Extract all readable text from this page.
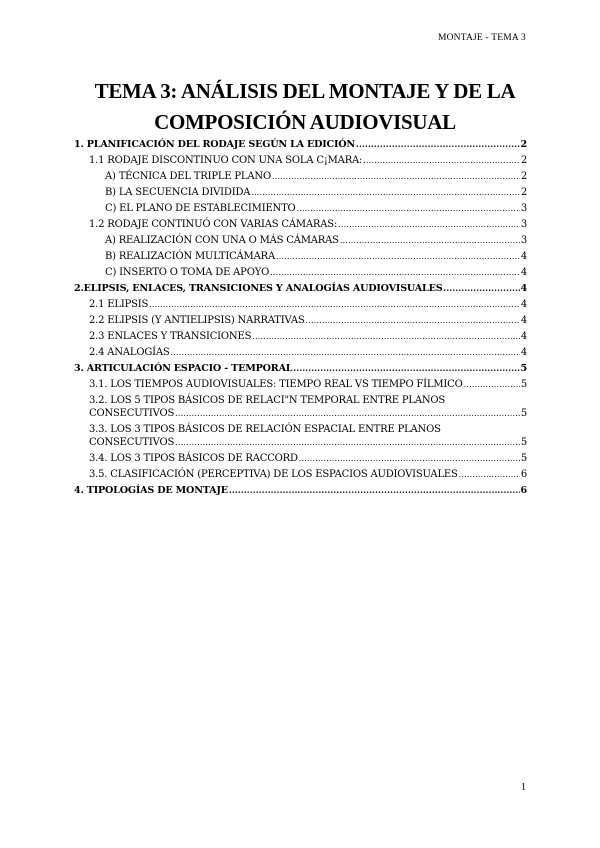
MONTAJE - TEMA 3
TEMA 3: ANÁLISIS DEL MONTAJE Y DE LA
COMPOSICIÓN AUDIOVISUAL
1. PLANIFICACIÓN DEL RODAJE SEGÚN LA EDICIÓN .....	2
1.1 RODAJE DISCONTINUO CON UNA SOLA C¡MARA: .....	2
A) TÉCNICA DEL TRIPLE PLANO .....	2
B) LA SECUENCIA DIVIDIDA .....	2
C) EL PLANO DE ESTABLECIMIENTO .....	3
1.2 RODAJE CONTINUÓ CON VARIAS CÁMARAS: .....	3
A) REALIZACIÓN CON UNA O MÁS CÁMARAS .....	3
B) REALIZACIÓN MULTICÁMARA .....	4
C) INSERTO O TOMA DE APOYO .....	4
2.ELIPSIS, ENLACES, TRANSICIONES Y ANALOGÍAS AUDIOVISUALES .....	4
2.1 ELIPSIS .....	4
2.2 ELIPSIS (Y ANTIELIPSIS) NARRATIVAS .....	4
2.3 ENLACES Y TRANSICIONES .....	4
2.4 ANALOGÍAS .....	4
3. ARTICULACIÓN ESPACIO - TEMPORAL .....	5
3.1. LOS TIEMPOS AUDIOVISUALES: TIEMPO REAL VS TIEMPO FÍLMICO .....	5
3.2. LOS 5 TIPOS BÁSICOS DE RELACI"N TEMPORAL ENTRE PLANOS
CONSECUTIVOS .....	5
3.3. LOS 3 TIPOS BÁSICOS DE RELACIÓN ESPACIAL ENTRE PLANOS
CONSECUTIVOS .....	5
3.4. LOS 3 TIPOS BÁSICOS DE RACCORD .....	5
3.5. CLASIFICACIÓN (PERCEPTIVA) DE LOS ESPACIOS AUDIOVISUALES .....	6
4. TIPOLOGÍAS DE MONTAJE .....	6
1
